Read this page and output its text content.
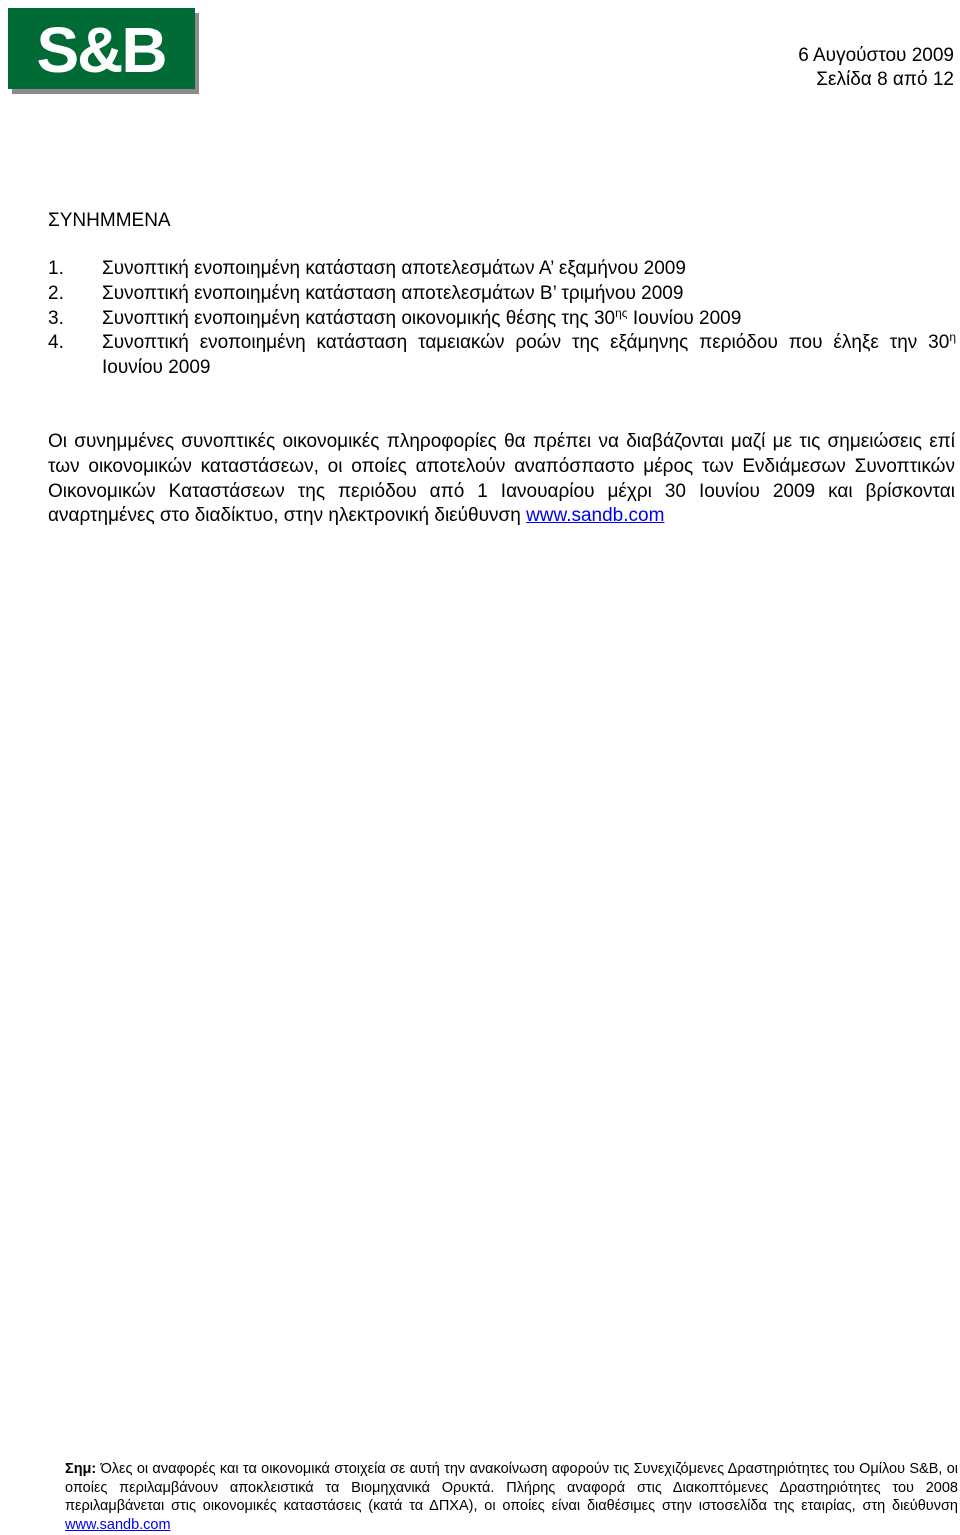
S&B	6 Αυγούστου 2009
Σελίδα 8 από 12
ΣΥΝΗΜΜΕΝΑ
1. Συνοπτική ενοποιημένη κατάσταση αποτελεσμάτων Α’ εξαμήνου 2009
2. Συνοπτική ενοποιημένη κατάσταση αποτελεσμάτων Β’ τριμήνου 2009
3. Συνοπτική ενοποιημένη κατάσταση οικονομικής θέσης της $30^{\eta\varsigma}$ Ιουνίου 2009
4. Συνοπτική ενοποιημένη κατάσταση ταμειακών ροών της εξάμηνης περιόδου που έληξε την $30^\eta$ Ιουνίου 2009

Οι συνημμένες συνοπτικές οικονομικές πληροφορίες θα πρέπει να διαβάζονται μαζί με τις σημειώσεις επί των οικονομικών καταστάσεων, οι οποίες αποτελούν αναπόσπαστο μέρος των Ενδιάμεσων Συνοπτικών Οικονομικών Καταστάσεων της περιόδου από 1 Ιανουαρίου μέχρι 30 Ιουνίου 2009 και βρίσκονται αναρτημένες στο διαδίκτυο, στην ηλεκτρονική διεύθυνση www.sandb.com

Σημ: Όλες οι αναφορές και τα οικονομικά στοιχεία σε αυτή την ανακοίνωση αφορούν τις Συνεχιζόμενες Δραστηριότητες του Ομίλου S&B, οι οποίες περιλαμβάνουν αποκλειστικά τα Βιομηχανικά Ορυκτά. Πλήρης αναφορά στις Διακοπτόμενες Δραστηριότητες του 2008 περιλαμβάνεται στις οικονομικές καταστάσεις (κατά τα ΔΠΧΑ), οι οποίες είναι διαθέσιμες στην ιστοσελίδα της εταιρίας, στη διεύθυνση www.sandb.com
